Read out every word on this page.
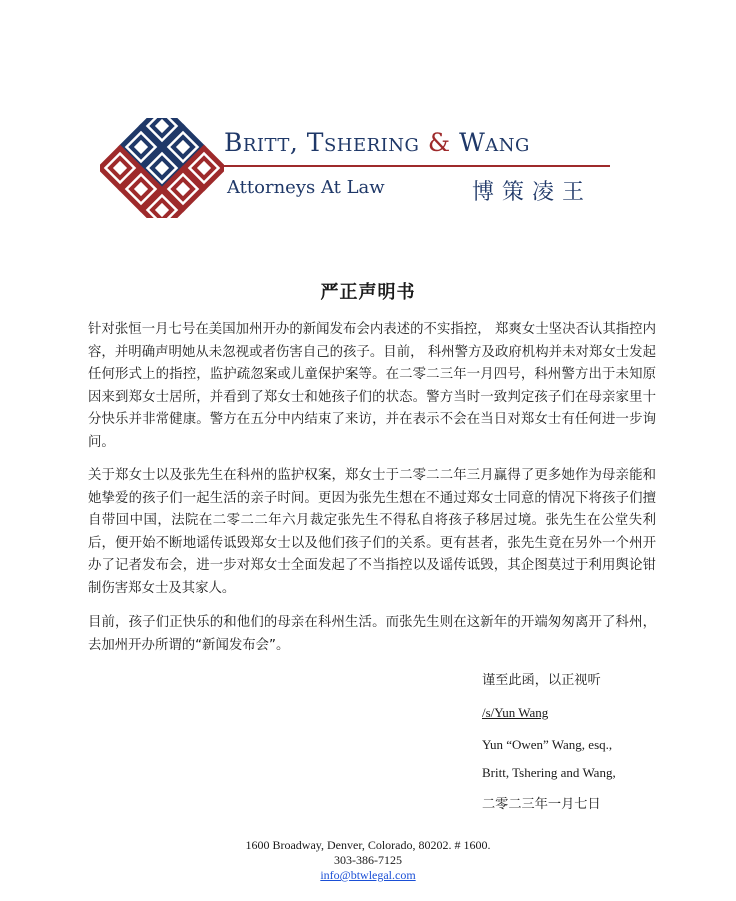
Britt, Tshering & Wang
Attorneys At Law	博策凌王
严正声明书

针对张恒一月七号在美国加州开办的新闻发布会内表述的不实指控， 郑爽女士坚决否认其指控内容，并明确声明她从未忽视或者伤害自己的孩子。目前， 科州警方及政府机构并未对郑女士发起任何形式上的指控，监护疏忽案或儿童保护案等。在二零二三年一月四号，科州警方出于未知原因来到郑女士居所，并看到了郑女士和她孩子们的状态。警方当时一致判定孩子们在母亲家里十分快乐并非常健康。警方在五分中内结束了来访，并在表示不会在当日对郑女士有任何进一步询问。

关于郑女士以及张先生在科州的监护权案，郑女士于二零二二年三月赢得了更多她作为母亲能和她挚爱的孩子们一起生活的亲子时间。更因为张先生想在不通过郑女士同意的情况下将孩子们擅自带回中国，法院在二零二二年六月裁定张先生不得私自将孩子移居过境。张先生在公堂失利后，便开始不断地谣传诋毁郑女士以及他们孩子们的关系。更有甚者，张先生竟在另外一个州开办了记者发布会，进一步对郑女士全面发起了不当指控以及谣传诋毁，其企图莫过于利用舆论钳制伤害郑女士及其家人。

目前，孩子们正快乐的和他们的母亲在科州生活。而张先生则在这新年的开端匆匆离开了科州，去加州开办所谓的“新闻发布会”。

谨至此函，以正视听
/s/Yun Wang
Yun “Owen” Wang, esq.,
Britt, Tshering and Wang,
二零二三年一月七日
1600 Broadway, Denver, Colorado, 80202. # 1600.
303-386-7125
info@btwlegal.com
